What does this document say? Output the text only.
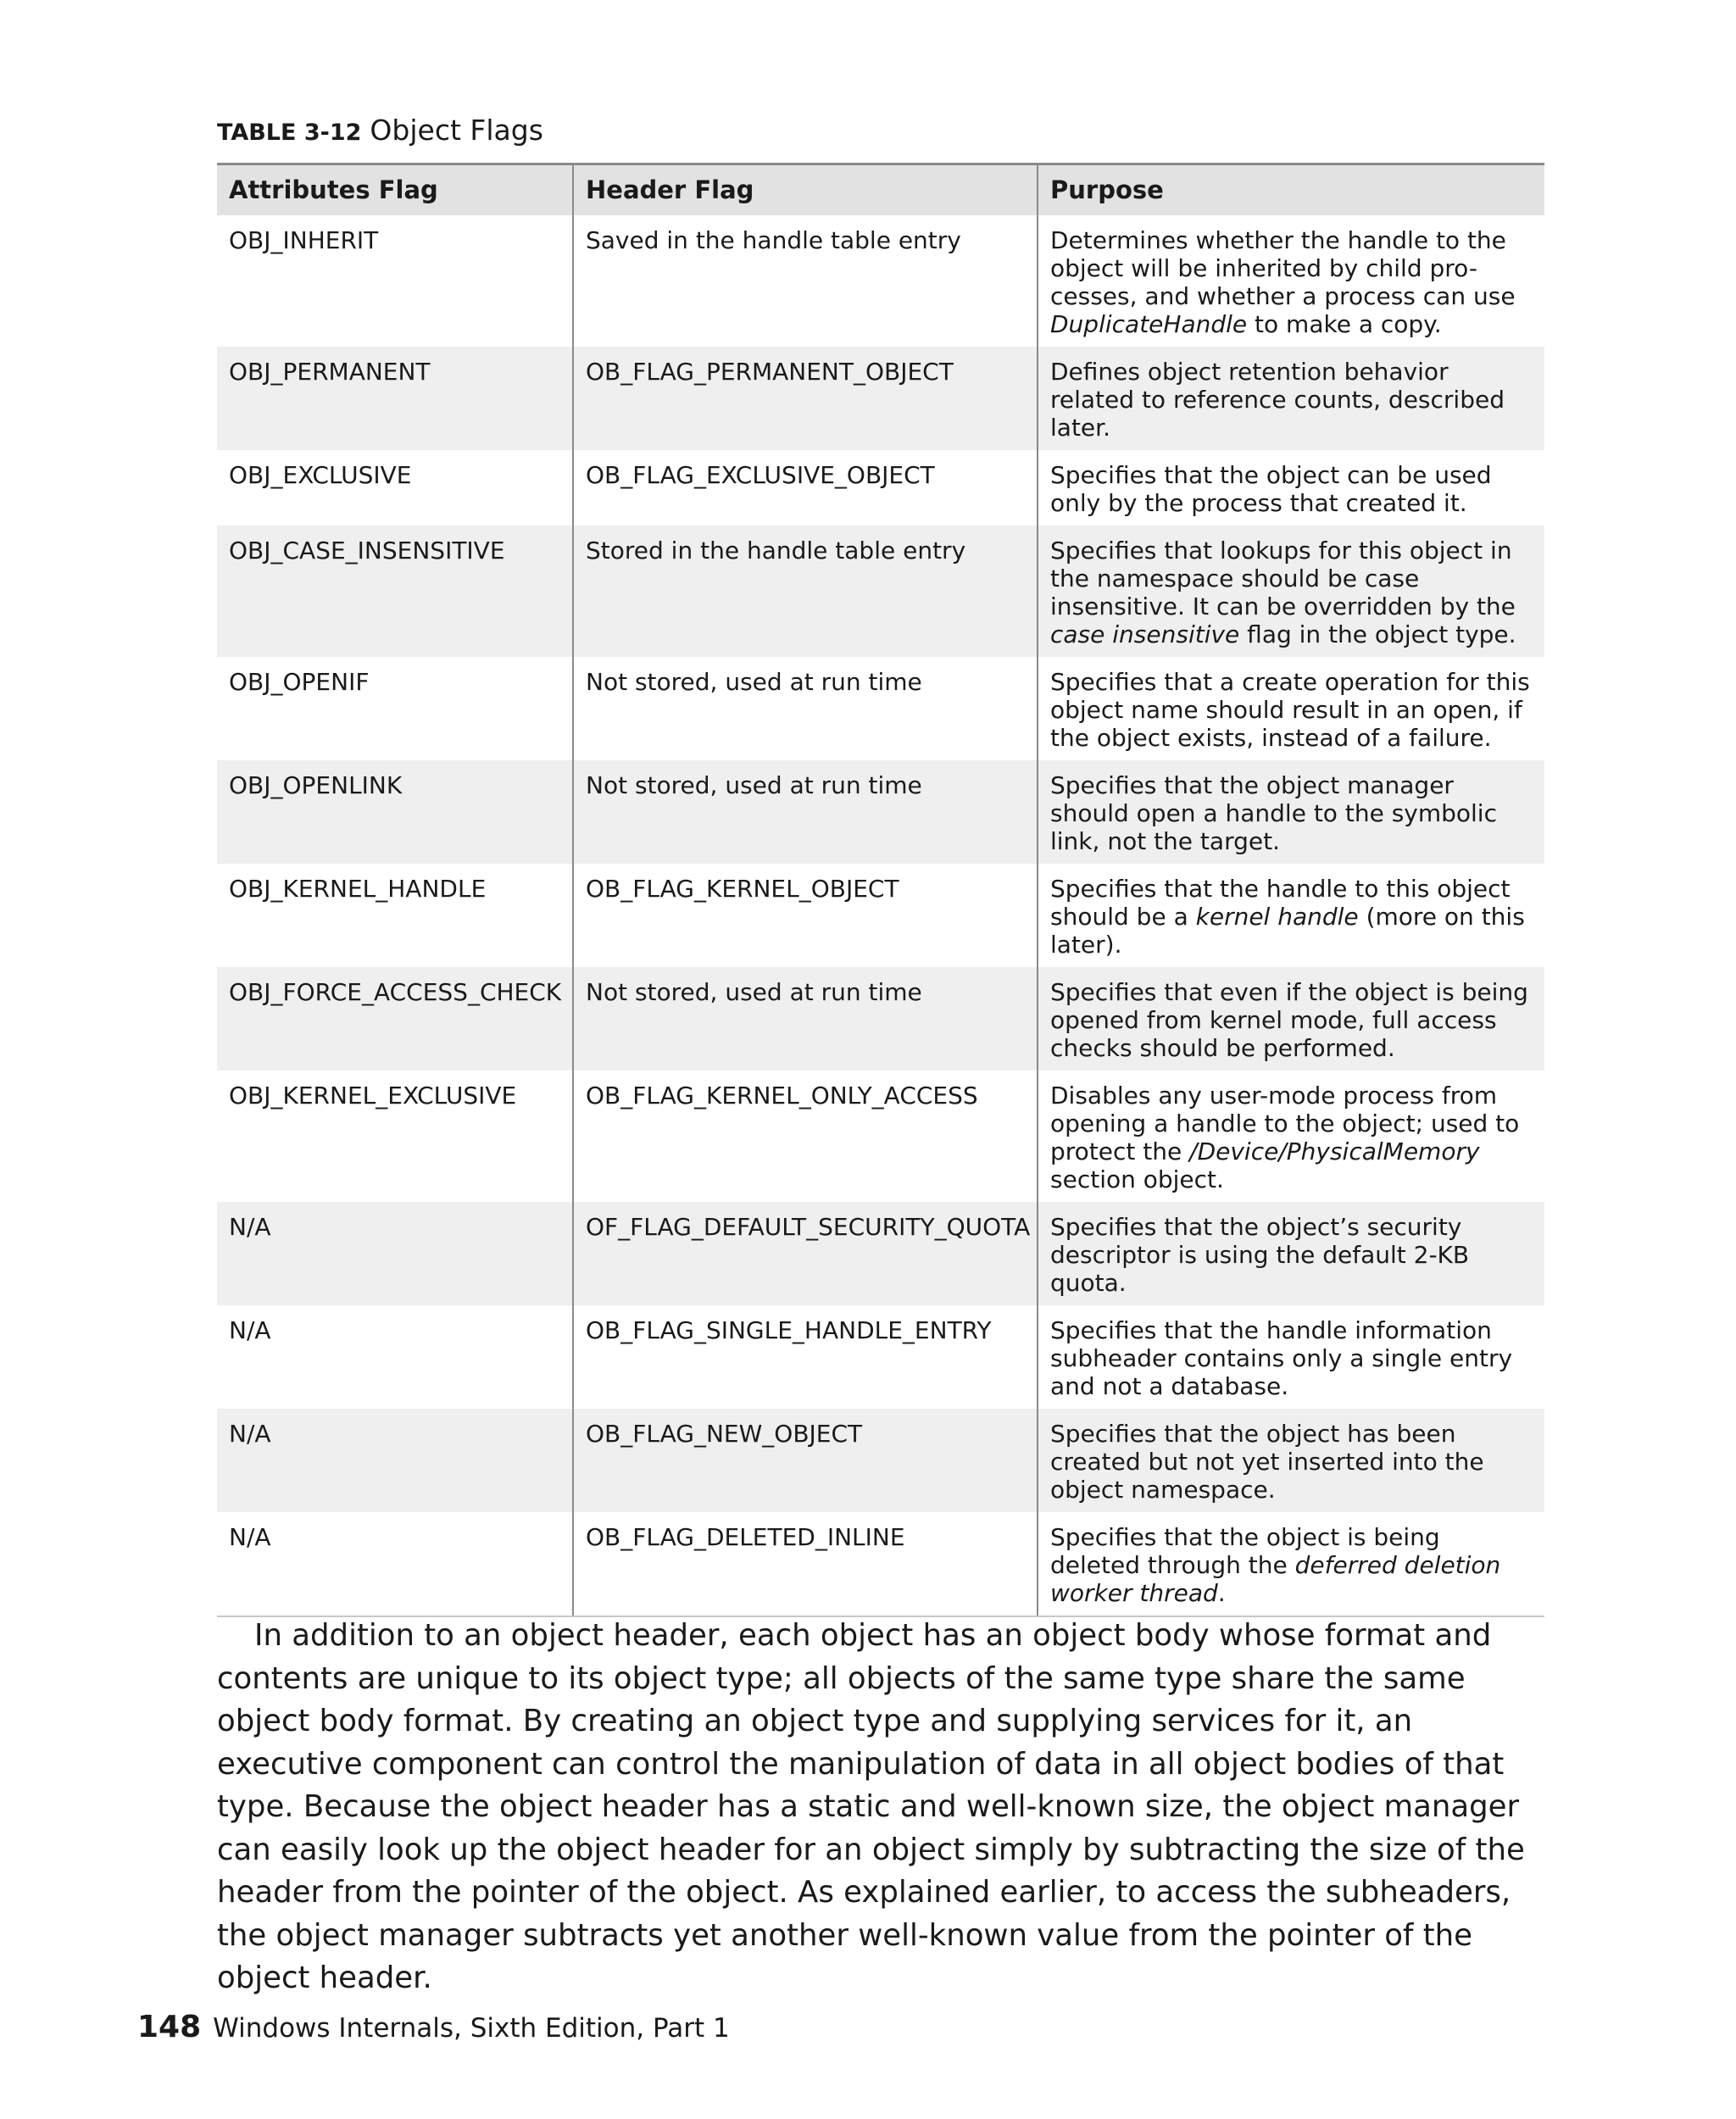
TABLE 3-12 Object Flags
Attributes Flag	Header Flag	Purpose
OBJ_INHERIT	Saved in the handle table entry	Determines whether the handle to the object will be inherited by child pro-cesses, and whether a process can use DuplicateHandle to make a copy.
OBJ_PERMANENT	OB_FLAG_PERMANENT_OBJECT	Defines object retention behavior related to reference counts, described later.
OBJ_EXCLUSIVE	OB_FLAG_EXCLUSIVE_OBJECT	Specifies that the object can be used only by the process that created it.
OBJ_CASE_INSENSITIVE	Stored in the handle table entry	Specifies that lookups for this object in the namespace should be case insensitive. It can be overridden by the case insensitive flag in the object type.
OBJ_OPENIF	Not stored, used at run time	Specifies that a create operation for this object name should result in an open, if the object exists, instead of a failure.
OBJ_OPENLINK	Not stored, used at run time	Specifies that the object manager should open a handle to the symbolic link, not the target.
OBJ_KERNEL_HANDLE	OB_FLAG_KERNEL_OBJECT	Specifies that the handle to this object should be a kernel handle (more on this later).
OBJ_FORCE_ACCESS_CHECK	Not stored, used at run time	Specifies that even if the object is being opened from kernel mode, full access checks should be performed.
OBJ_KERNEL_EXCLUSIVE	OB_FLAG_KERNEL_ONLY_ACCESS	Disables any user-mode process from opening a handle to the object; used to protect the /Device/PhysicalMemory section object.
N/A	OF_FLAG_DEFAULT_SECURITY_QUOTA	Specifies that the object’s security descriptor is using the default 2-KB quota.
N/A	OB_FLAG_SINGLE_HANDLE_ENTRY	Specifies that the handle information subheader contains only a single entry and not a database.
N/A	OB_FLAG_NEW_OBJECT	Specifies that the object has been created but not yet inserted into the object namespace.
N/A	OB_FLAG_DELETED_INLINE	Specifies that the object is being deleted through the deferred deletion worker thread.

In addition to an object header, each object has an object body whose format and contents are unique to its object type; all objects of the same type share the same object body format. By creating an object type and supplying services for it, an executive component can control the manipulation of data in all object bodies of that type. Because the object header has a static and well-known size, the object manager can easily look up the object header for an object simply by subtracting the size of the header from the pointer of the object. As explained earlier, to access the subheaders, the object manager subtracts yet another well-known value from the pointer of the object header.

148 Windows Internals, Sixth Edition, Part 1
